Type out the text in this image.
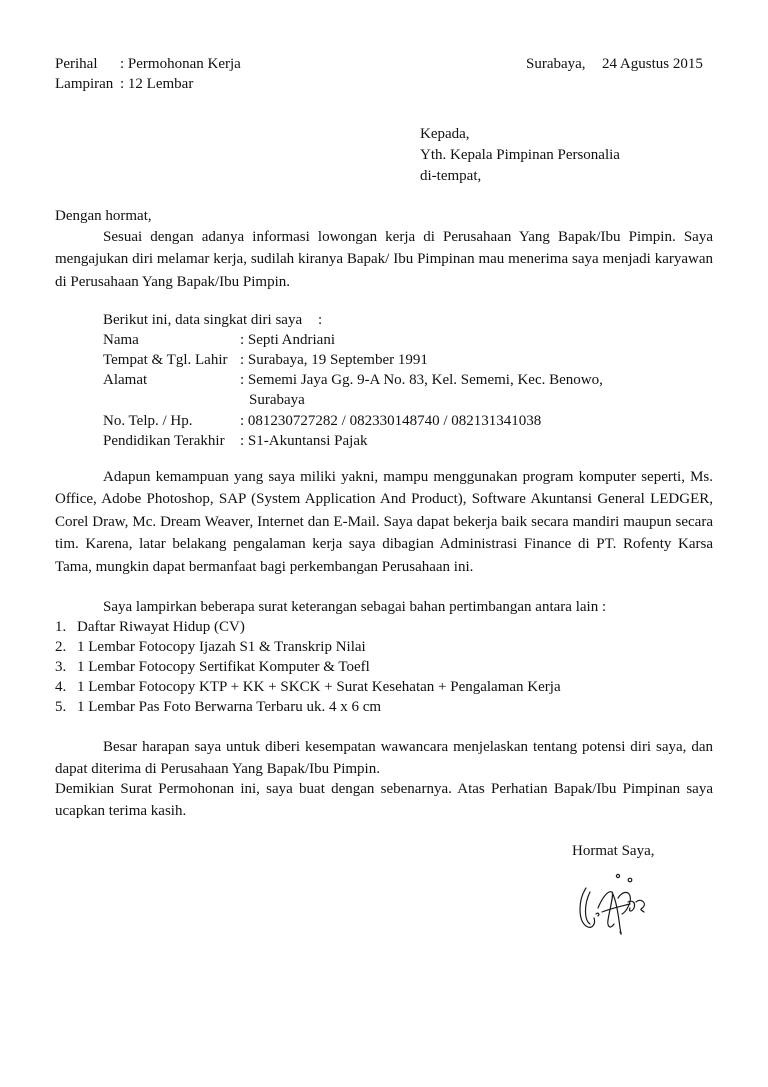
Perihal : Permohonan Kerja
Lampiran : 12 Lembar
Surabaya, 24 Agustus 2015
Kepada,
Yth. Kepala Pimpinan Personalia
di-tempat,
Dengan hormat,
Sesuai dengan adanya informasi lowongan kerja di Perusahaan Yang Bapak/Ibu Pimpin. Saya mengajukan diri melamar kerja, sudilah kiranya Bapak/ Ibu Pimpinan mau menerima saya menjadi karyawan di Perusahaan Yang Bapak/Ibu Pimpin.
Berikut ini, data singkat diri saya :
Nama	: Septi Andriani
Tempat & Tgl. Lahir : Surabaya, 19 September 1991
Alamat	: Sememi Jaya Gg. 9-A No. 83, Kel. Sememi, Kec. Benowo,
Surabaya
No. Telp. / Hp.	: 081230727282 / 082330148740 / 082131341038
Pendidikan Terakhir : S1-Akuntansi Pajak
Adapun kemampuan yang saya miliki yakni, mampu menggunakan program komputer seperti, Ms. Office, Adobe Photoshop, SAP (System Application And Product), Software Akuntansi General LEDGER, Corel Draw, Mc. Dream Weaver, Internet dan E-Mail. Saya dapat bekerja baik secara mandiri maupun secara tim. Karena, latar belakang pengalaman kerja saya dibagian Administrasi Finance di PT. Rofenty Karsa Tama, mungkin dapat bermanfaat bagi perkembangan Perusahaan ini.
Saya lampirkan beberapa surat keterangan sebagai bahan pertimbangan antara lain :
1. Daftar Riwayat Hidup (CV)
2. 1 Lembar Fotocopy Ijazah S1 & Transkrip Nilai
3. 1 Lembar Fotocopy Sertifikat Komputer & Toefl
4. 1 Lembar Fotocopy KTP + KK + SKCK + Surat Kesehatan + Pengalaman Kerja
5. 1 Lembar Pas Foto Berwarna Terbaru uk. 4 x 6 cm
Besar harapan saya untuk diberi kesempatan wawancara menjelaskan tentang potensi diri saya, dan dapat diterima di Perusahaan Yang Bapak/Ibu Pimpin.
Demikian Surat Permohonan ini, saya buat dengan sebenarnya. Atas Perhatian Bapak/Ibu Pimpinan saya ucapkan terima kasih.
Hormat Saya,
